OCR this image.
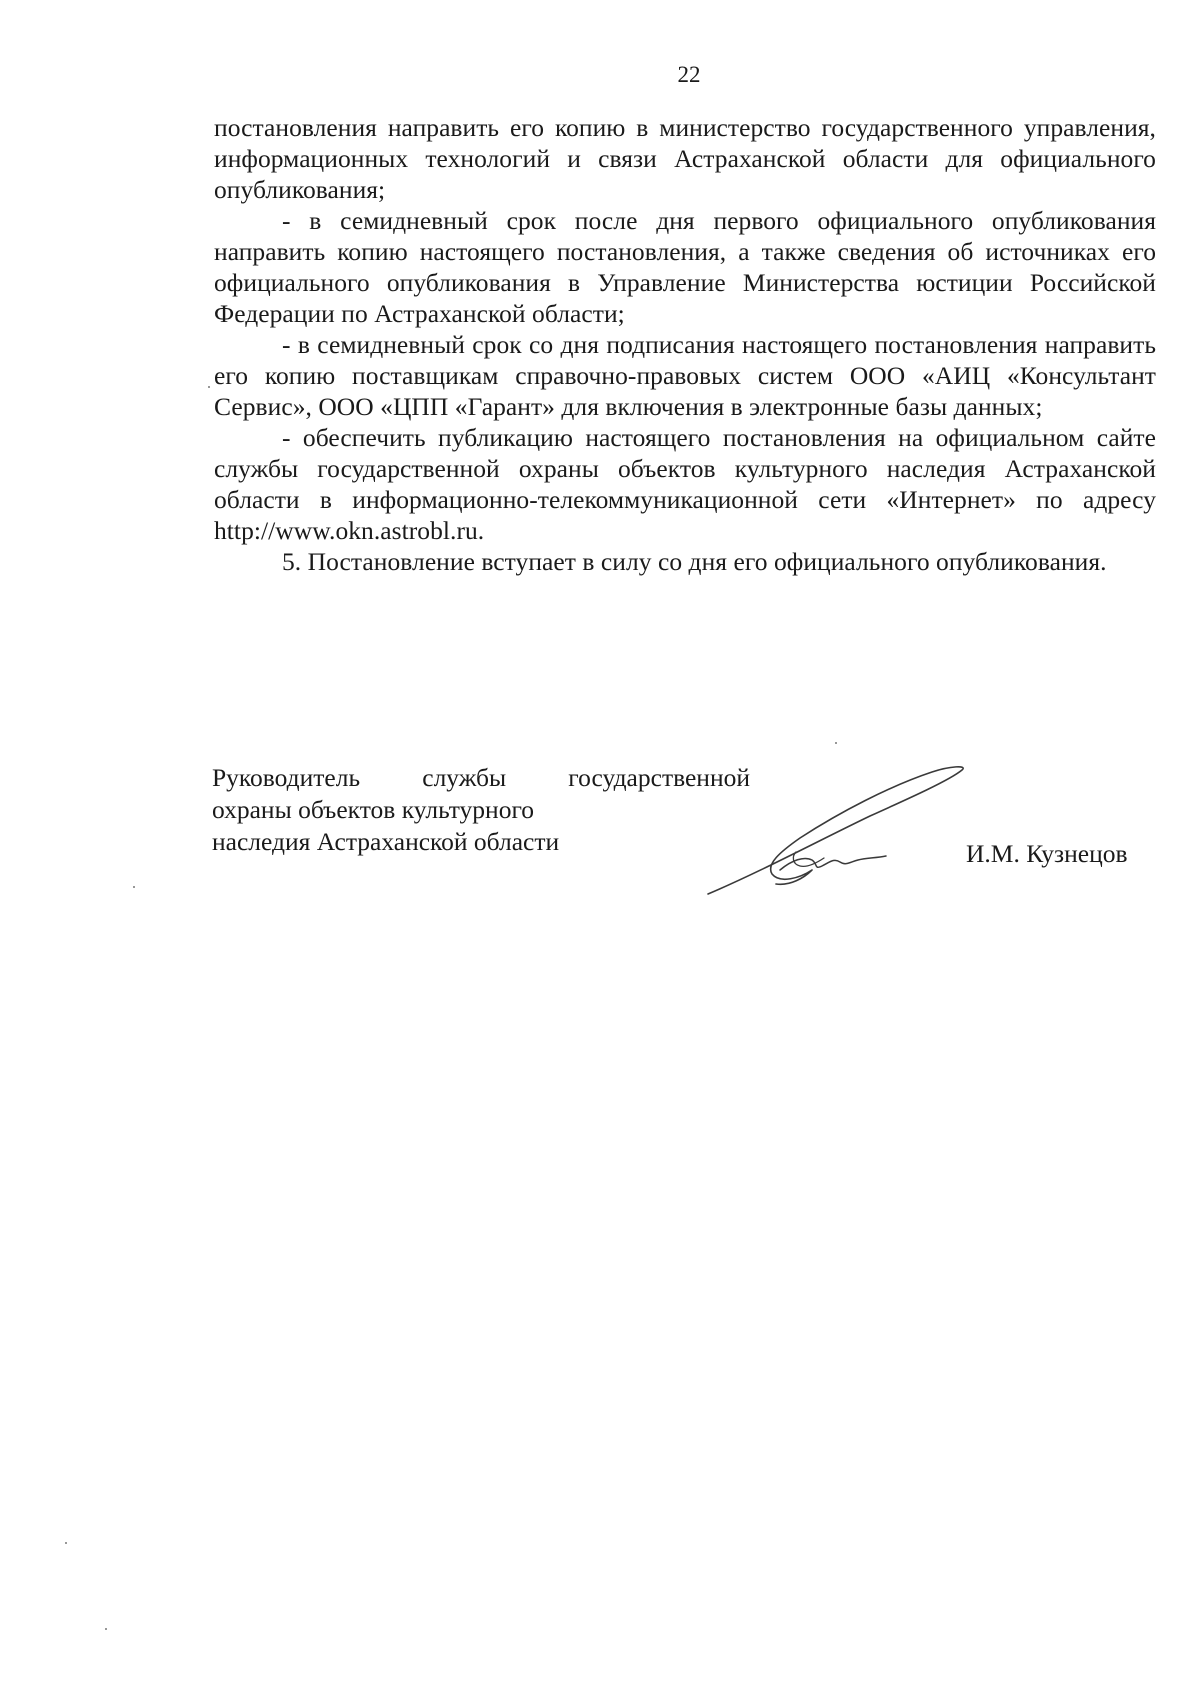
22

постановления направить его копию в министерство государственного управления, информационных технологий и связи Астраханской области для официального опубликования;

- в семидневный срок после дня первого официального опубликования направить копию настоящего постановления, а также сведения об источниках его официального опубликования в Управление Министерства юстиции Российской Федерации по Астраханской области;

- в семидневный срок со дня подписания настоящего постановления направить его копию поставщикам справочно-правовых систем ООО «АИЦ «Консультант Сервис», ООО «ЦПП «Гарант» для включения в электронные базы данных;

- обеспечить публикацию настоящего постановления на официальном сайте службы государственной охраны объектов культурного наследия Астраханской области в информационно-телекоммуникационной сети «Интернет» по адресу http://www.okn.astrobl.ru.

5. Постановление вступает в силу со дня его официального опубликования.

Руководитель службы государственной
охраны объектов культурного
наследия Астраханской области	И.М. Кузнецов
